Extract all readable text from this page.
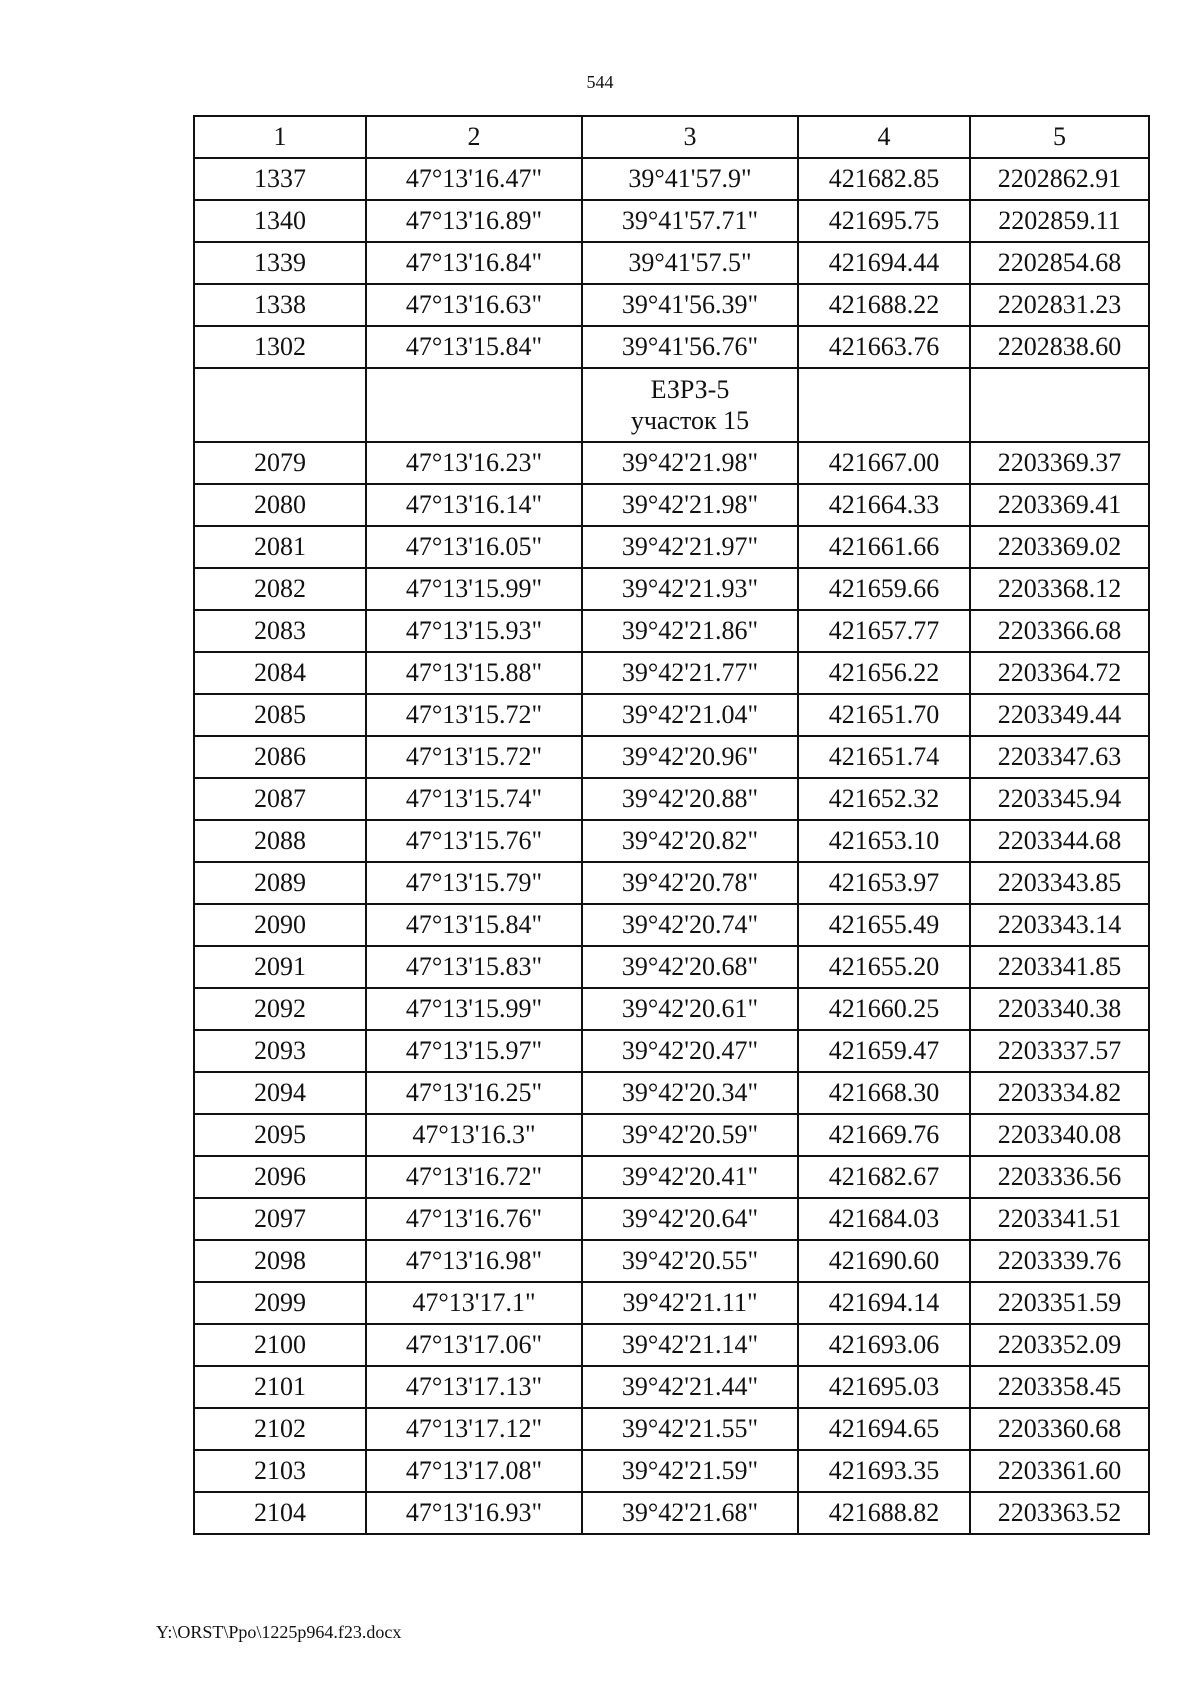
544
1	2	3	4	5
1337	47°13'16.47"	39°41'57.9"	421682.85	2202862.91
1340	47°13'16.89"	39°41'57.71"	421695.75	2202859.11
1339	47°13'16.84"	39°41'57.5"	421694.44	2202854.68
1338	47°13'16.63"	39°41'56.39"	421688.22	2202831.23
1302	47°13'15.84"	39°41'56.76"	421663.76	2202838.60

		ЕЗРЗ-5
участок 15		

2079	47°13'16.23"	39°42'21.98"	421667.00	2203369.37
2080	47°13'16.14"	39°42'21.98"	421664.33	2203369.41
2081	47°13'16.05"	39°42'21.97"	421661.66	2203369.02
2082	47°13'15.99"	39°42'21.93"	421659.66	2203368.12
2083	47°13'15.93"	39°42'21.86"	421657.77	2203366.68
2084	47°13'15.88"	39°42'21.77"	421656.22	2203364.72
2085	47°13'15.72"	39°42'21.04"	421651.70	2203349.44
2086	47°13'15.72"	39°42'20.96"	421651.74	2203347.63
2087	47°13'15.74"	39°42'20.88"	421652.32	2203345.94
2088	47°13'15.76"	39°42'20.82"	421653.10	2203344.68
2089	47°13'15.79"	39°42'20.78"	421653.97	2203343.85
2090	47°13'15.84"	39°42'20.74"	421655.49	2203343.14
2091	47°13'15.83"	39°42'20.68"	421655.20	2203341.85
2092	47°13'15.99"	39°42'20.61"	421660.25	2203340.38
2093	47°13'15.97"	39°42'20.47"	421659.47	2203337.57
2094	47°13'16.25"	39°42'20.34"	421668.30	2203334.82
2095	47°13'16.3"	39°42'20.59"	421669.76	2203340.08
2096	47°13'16.72"	39°42'20.41"	421682.67	2203336.56
2097	47°13'16.76"	39°42'20.64"	421684.03	2203341.51
2098	47°13'16.98"	39°42'20.55"	421690.60	2203339.76
2099	47°13'17.1"	39°42'21.11"	421694.14	2203351.59
2100	47°13'17.06"	39°42'21.14"	421693.06	2203352.09
2101	47°13'17.13"	39°42'21.44"	421695.03	2203358.45
2102	47°13'17.12"	39°42'21.55"	421694.65	2203360.68
2103	47°13'17.08"	39°42'21.59"	421693.35	2203361.60
2104	47°13'16.93"	39°42'21.68"	421688.82	2203363.52
Y:\ORST\Ppo\1225p964.f23.docx
